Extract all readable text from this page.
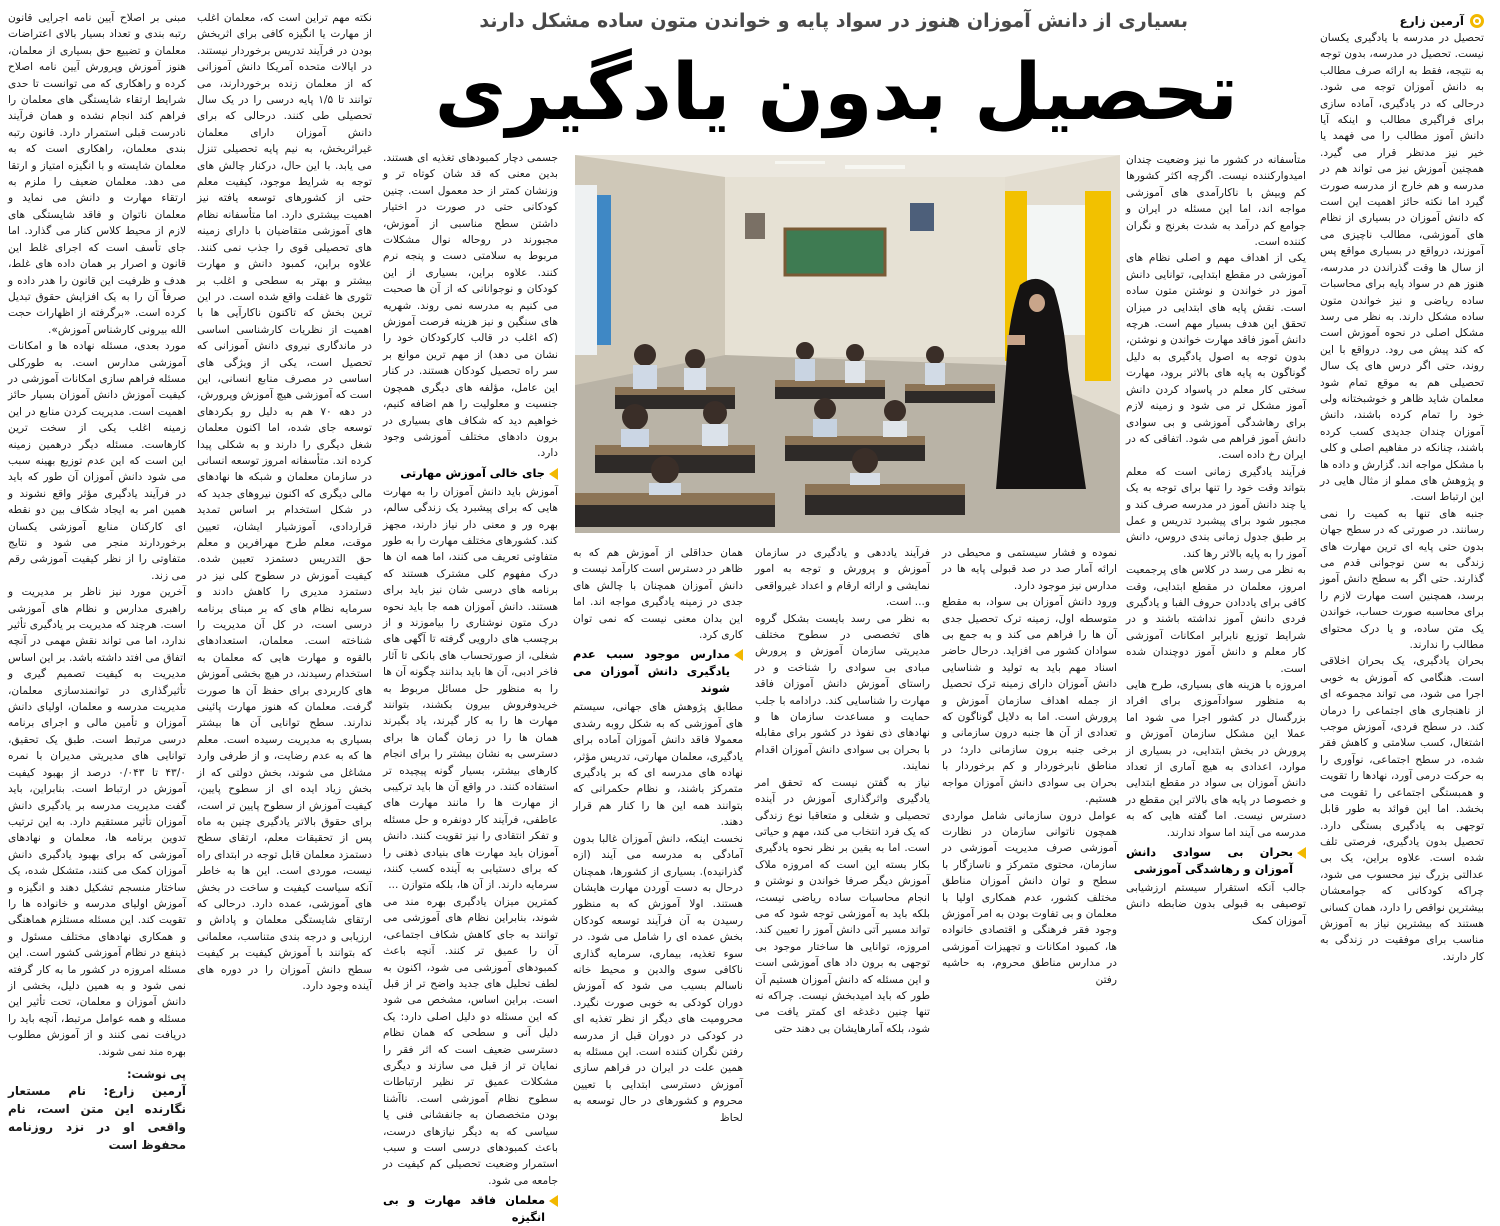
بسیاری از دانش آموزان هنوز در سواد پایه و خواندن متون ساده مشکل دارند
تحصیل بدون یادگیری
آرمین زارع

تحصیل در مدرسه با یادگیری یکسان نیست. تحصیل در مدرسه، بدون توجه به نتیجه، فقط به ارائه صرف مطالب به دانش آموزان توجه می شود. درحالی که در یادگیری، آماده سازی برای فراگیری مطالب و اینکه آیا دانش آموز مطالب را می فهمد یا خیر نیز مدنظر قرار می گیرد. همچنین آموزش نیز می تواند هم در مدرسه و هم خارج از مدرسه صورت گیرد اما نکته حائز اهمیت این است که دانش آموزان در بسیاری از نظام های آموزشی، مطالب ناچیزی می آموزند، درواقع در بسیاری مواقع پس از سال ها وقت گذراندن در مدرسه، هنوز هم در سواد پایه برای محاسبات ساده ریاضی و نیز خواندن متون ساده مشکل دارند. به نظر می رسد مشکل اصلی در نحوه آموزش است که کند پیش می رود. درواقع با این روند، حتی اگر درس های یک سال تحصیلی هم به موقع تمام شود معلمان شاید ظاهر و خوشبختانه ولی خود را تمام کرده باشند، دانش آموزان چندان جدیدی کسب کرده باشند، چنانکه در مفاهیم اصلی و کلی با مشکل مواجه اند. گزارش و داده ها و پژوهش های مملو از مثال هایی در این ارتباط است.

جنبه های تنها به کمیت را نمی رسانند. در صورتی که در سطح جهان بدون حتی پایه ای ترین مهارت های زندگی به سن نوجوانی قدم می گذارند. حتی اگر به سطح دانش آموز برسد، همچنین است مهارت لازم را برای محاسبه صورت حساب، خواندن یک متن ساده، و یا درک محتوای مطالب را ندارند.

بحران یادگیری، یک بحران اخلاقی است. هنگامی که آموزش به خوبی اجرا می شود، می تواند مجموعه ای از ناهنجاری های اجتماعی را درمان کند. در سطح فردی، آموزش موجب اشتغال، کسب سلامتی و کاهش فقر شده، در سطح اجتماعی، نوآوری را به حرکت درمی آورد، نهادها را تقویت و همبستگی اجتماعی را تقویت می بخشد. اما این فوائد به طور قابل توجهی به یادگیری بستگی دارد. تحصیل بدون یادگیری، فرصتی تلف شده است. علاوه براین، یک بی عدالتی بزرگ نیز محسوب می شود، چراکه کودکانی که جوامعشان بیشترین نواقص را دارد، همان کسانی هستند که بیشترین نیاز به آموزش مناسب برای موفقیت در زندگی به کار دارند.

متأسفانه در کشور ما نیز وضعیت چندان امیدوارکننده نیست. اگرچه اکثر کشورها کم وبیش با ناکارآمدی های آموزشی مواجه اند، اما این مسئله در ایران و جوامع کم درآمد به شدت بغرنج و نگران کننده است.

یکی از اهداف مهم و اصلی نظام های آموزشی در مقطع ابتدایی، توانایی دانش آموز در خواندن و نوشتن متون ساده است. نقش پایه های ابتدایی در میزان تحقق این هدف بسیار مهم است. هرچه دانش آموز فاقد مهارت خواندن و نوشتن، بدون توجه به اصول یادگیری به دلیل گوناگون به پایه های بالاتر برود، مهارت سختی کار معلم در پاسواد کردن دانش آموز مشکل تر می شود و زمینه لازم برای رهاشدگی آموزشی و بی سوادی دانش آموز فراهم می شود. اتفاقی که در ایران رخ داده است.

فرآیند یادگیری زمانی است که معلم بتواند وقت خود را تنها برای توجه به یک یا چند دانش آموز در مدرسه صرف کند و مجبور شود برای پیشبرد تدریس و عمل بر طبق جدول زمانی بندی دروس، دانش آموز را به پایه بالاتر رها کند.

به نظر می رسد در کلاس های پرجمعیت امروز، معلمان در مقطع ابتدایی، وقت کافی برای یاددادن حروف الفبا و یادگیری فردی دانش آموز نداشته باشند و در شرایط توزیع نابرابر امکانات آموزشی کار معلم و دانش آموز دوچندان شده است.

امروزه با هزینه های بسیاری، طرح هایی به منظور سوادآموزی برای افراد بزرگسال در کشور اجرا می شود اما عملا این مشکل سازمان آموزش و پرورش در بخش ابتدایی، در بسیاری از موارد، اعدادی به هیچ آماری از تعداد دانش آموزان بی سواد در مقطع ابتدایی و خصوصا در پایه های بالاتر این مقطع در دسترس نیست. اما گفته هایی که به مدرسه می آیند اما سواد ندارند.

بحران بی سوادی دانش آموزان و رهاشدگی آموزشی

جالب آنکه استقرار سیستم ارزشیابی توصیفی به قبولی بدون ضابطه دانش آموزان کمک

نموده و فشار سیستمی و محیطی در ارائه آمار صد در صد قبولی پایه ها در مدارس نیز موجود دارد.

ورود دانش آموزان بی سواد، به مقطع متوسطه اول، زمینه ترک تحصیل جدی آن ها را فراهم می کند و به جمع بی سوادان کشور می افزاید. درحال حاضر اسناد مهم باید به تولید و شناسایی دانش آموزان دارای زمینه ترک تحصیل از جمله اهداف سازمان آموزش و پرورش است. اما به دلایل گوناگون که تعدادی از آن ها جنبه درون سازمانی و برخی جنبه برون سازمانی دارد؛ در مناطق نابرخوردار و کم برخوردار با بحران بی سوادی دانش آموزان مواجه هستیم.

عوامل درون سازمانی شامل مواردی همچون ناتوانی سازمان در نظارت آموزشی صرف مدیریت آموزشی در سازمان، محتوی متمرکز و ناسازگار با سطح و توان دانش آموزان مناطق مختلف کشور، عدم همکاری اولیا با معلمان و بی تفاوت بودن به امر آموزش وجود فقر فرهنگی و اقتصادی خانواده ها، کمبود امکانات و تجهیزات آموزشی در مدارس مناطق محروم، به حاشیه رفتن

فرآیند یاددهی و یادگیری در سازمان آموزش و پرورش و توجه به امور نمایشی و ارائه ارقام و اعداد غیرواقعی و... است.

به نظر می رسد بایست بشکل گروه های تخصصی در سطوح مختلف مدیریتی سازمان آموزش و پرورش مبادی بی سوادی را شناخت و در راستای آموزش دانش آموزان فاقد مهارت را شناسایی کند. درادامه با جلب حمایت و مساعدت سازمان ها و نهادهای ذی نفوذ در کشور برای مقابله با بحران بی سوادی دانش آموزان اقدام نمایند.

نیاز به گفتن نیست که تحقق امر یادگیری واثرگذاری آموزش در آینده تحصیلی و شغلی و متعاقبا نوع زندگی که یک فرد انتخاب می کند، مهم و حیاتی است. اما به یقین بر نظر نحوه یادگیری بکار بسته این است که امروزه ملاک آموزش دیگر صرفا خواندن و نوشتن و انجام محاسبات ساده ریاضی نیست، بلکه باید به آموزشی توجه شود که می تواند مسیر آتی دانش آموز را تعیین کند. امروزه، توانایی ها ساختار موجود بی توجهی به برون داد های آموزشی است و این مسئله که دانش آموزان هستیم آن طور که باید امیدبخش نیست. چراکه نه تنها چنین دغدغه ای کمتر یافت می شود، بلکه آمارهایشان بی دهند حتی

همان حداقلی از آموزش هم که به ظاهر در دسترس است کارآمد نیست و دانش آموزان همچنان با چالش های جدی در زمینه یادگیری مواجه اند. اما این بدان معنی نیست که نمی توان کاری کرد.

مدارس موجود سبب عدم یادگیری دانش آموزان می شوند

مطابق پژوهش های جهانی، سیستم های آموزشی که به شکل روبه رشدی معمولا فاقد دانش آموزان آماده برای یادگیری، معلمان مهارتی، تدریس مؤثر، نهاده های مدرسه ای که بر یادگیری متمرکز باشند، و نظام حکمرانی که بتوانند همه این ها را کنار هم قرار دهند.

نخست اینکه، دانش آموزان غالبا بدون آمادگی به مدرسه می آیند (ازه گذرانیده). بسیاری از کشورها، همچنان درحال به دست آوردن مهارت هایشان هستند. اولا آموزش که به منظور رسیدن به آن فرآیند توسعه کودکان بخش عمده ای را شامل می شود. در سوء تغذیه، بیماری، سرمایه گذاری ناکافی سوی والدین و محیط خانه ناسالم بسیب می شود که آموزش دوران کودکی به خوبی صورت نگیرد. محرومیت های دیگر از نظر تغذیه ای در کودکی در دوران قبل از مدرسه رفتن نگران کننده است. این مسئله به همین علت در ایران در فراهم سازی آموزش دسترسی ابتدایی با تعیین محروم و کشورهای در حال توسعه به لحاظ

جسمی دچار کمبودهای تغذیه ای هستند. بدین معنی که قد شان کوتاه تر و وزنشان کمتر از حد معمول است. چنین کودکانی حتی در صورت در اختیار داشتن سطح مناسبی از آموزش، مجبورند در روحاله نوال مشکلات مربوط به سلامتی دست و پنجه نرم کنند. علاوه براین، بسیاری از این کودکان و نوجوانانی که از آن ها صحبت می کنیم به مدرسه نمی روند. شهریه های سنگین و نیز هزینه فرصت آموزش (که اغلب در قالب کارکودکان خود را نشان می دهد) از مهم ترین موانع بر سر راه تحصیل کودکان هستند. در کنار این عامل، مؤلفه های دیگری همچون جنسیت و معلولیت را هم اضافه کنیم، خواهیم دید که شکاف های بسیاری در برون دادهای مختلف آموزشی وجود دارد.

جای خالی آموزش مهارتی

آموزش باید دانش آموزان را به مهارت هایی که برای پیشبرد یک زندگی سالم، بهره ور و معنی دار نیاز دارند، مجهز کند. کشورهای مختلف مهارت را به طور متفاوتی تعریف می کنند، اما همه ان ها درک مفهوم کلی مشترک هستند که برنامه های درسی شان نیز باید برای هستند. دانش آموزان همه جا باید نحوه درک متون نوشتاری را بیاموزند و از برچسب های دارویی گرفته تا آگهی های شغلی، از صورتحساب های بانکی تا آثار فاخر ادبی، آن ها باید بدانند چگونه آن ها را به منظور حل مسائل مربوط به خریدوفروش بیرون بکشند، بتوانند مهارت ها را به کار گیرند، یاد بگیرند همان ها را در زمان گمان ها برای دسترسی به نشان بیشتر را برای انجام کارهای بیشتر، بسیار گونه پیچیده تر استفاده کنند. در واقع آن ها باید ترکیبی از مهارت ها را مانند مهارت های عاطفی، فرآیند کار دونفره و حل مسئله و تفکر انتقادی را نیز تقویت کنند. دانش آموزان باید مهارت های بنیادی ذهنی را که برای دستیابی به آینده کسب کنند، سرمایه دارند. از آن ها، بلکه متوازن ...

کمترین میزان یادگیری بهره مند می شوند، بنابراین نظام های آموزشی می توانند به جای کاهش شکاف اجتماعی، آن را عمیق تر کنند. آنچه باعث کمبودهای آموزشی می شود، اکنون به لطف تحلیل های جدید واضح تر از قبل است. براین اساس، مشخص می شود که این مسئله دو دلیل اصلی دارد: یک دلیل آنی و سطحی که همان نظام دسترسی ضعیف است که اثر فقر را نمایان تر از قبل می سازند و دیگری مشکلات عمیق تر نظیر ارتباطات سطوح نظام آموزشی است. ناآشنا بودن متخصصان به جانفشانی فنی یا سیاسی که به دیگر نیازهای درست، باعث کمبودهای درسی است و سبب استمرار وضعیت تحصیلی کم کیفیت در جامعه می شود.

معلمان فاقد مهارت و بی انگیزه

نکته مهم تراین است که، معلمان اغلب از مهارت یا انگیزه کافی برای اثربخش بودن در فرآیند تدریس برخوردار نیستند. در ایالات متحده آمریکا دانش آموزانی که از معلمان زنده برخوردارند، می توانند تا ۱/۵ پایه درسی را در یک سال تحصیلی طی کنند. درحالی که برای دانش آموزان دارای معلمان غیراثربخش، به نیم پایه تحصیلی تنزل می یابد. با این حال، درکنار چالش های توجه به شرایط موجود، کیفیت معلم حتی از کشورهای توسعه یافته نیز اهمیت بیشتری دارد. اما متأسفانه نظام های آموزشی متقاضیان با دارای زمینه های تحصیلی قوی را جذب نمی کنند. علاوه براین، کمبود دانش و مهارت بیشتر و بهتر به سطحی و اغلب بر تئوری ها غفلت واقع شده است. در این ترین بخش که تاکنون ناکارآیی ها با اهمیت از نظریات کارشناسی اساسی در ماندگاری نیروی دانش آموزانی که تحصیل است، یکی از ویژگی های اساسی در مصرف منابع انسانی، این است که آموزشی هیچ آموزش وپرورش، در دهه ۷۰ هم به دلیل رو بکردهای توسعه جای شده، اما اکنون معلمان شغل دیگری را دارند و به شکلی پیدا کرده اند. متأسفانه امروز توسعه انسانی در سازمان معلمان و شبکه ها نهادهای مالی دیگری که اکنون نیروهای جدید که در شکل استخدام بر اساس تمدید قراردادی، آموزشیار ایشان، تعیین موقت، معلم طرح مهرافرین و معلم حق التدریس دستمزد تعیین شده. کیفیت آموزش در سطوح کلی نیز در دستمزد مدیری را کاهش دادند و سرمایه نظام های که بر مبنای برنامه درسی است، در کل آن مدیریت را شناخته است. معلمان، استعدادهای بالقوه و مهارت هایی که معلمان به استخدام رسیدند، در هیچ بخشی آموزش های کاربردی برای حفظ آن ها صورت گرفت. معلمان که هنوز مهارت پائینی ندارند. سطح توانایی آن ها بیشتر بسیاری به مدیریت رسیده است. معلم ها که به عدم رضایت، و از طرفی وارد مشاغل می شوند، بخش دولتی که از بخش زیاد ایده ای از سطوح پایین، کیفیت آموزش از سطوح پایین تر است، برای حقوق بالاتر یادگیری چنین به ماه پس از تحقیقات معلم، ارتقای سطح دستمزد معلمان قابل توجه در ابتدای راه نیست، موردی است. این ها به خاطر آنکه سیاست کیفیت و ساخت در بخش های آموزشی، عمده دارد. درحالی که ارتقای شایستگی معلمان و پاداش و ارزیابی و درجه بندی متناسب، معلمانی که بتوانند با آموزش کیفیت بر کیفیت سطح دانش آموزان را در دوره های آینده وجود دارد.

مبنی بر اصلاح آیین نامه اجرایی قانون رتبه بندی و تعداد بسیار بالای اعتراضات معلمان و تضییع حق بسیاری از معلمان، هنوز آموزش وپرورش آیین نامه اصلاح کرده و راهکاری که می توانست تا حدی شرایط ارتقاء شایستگی های معلمان را فراهم کند انجام نشده و همان فرآیند نادرست قبلی استمرار دارد. قانون رتبه بندی معلمان، راهکاری است که به معلمان شایسته و با انگیزه امتیاز و ارتقا می دهد. معلمان ضعیف را ملزم به ارتقاء مهارت و دانش می نماید و معلمان ناتوان و فاقد شایستگی های لازم از محیط کلاس کنار می گذارد. اما جای تأسف است که اجرای غلط این قانون و اصرار بر همان داده های غلط، هدف و ظرفیت این قانون را هدر داده و صرفاً آن را به یک افزایش حقوق تبدیل کرده است. «برگرفته از اظهارات حجت الله بیرونی کارشناس آموزش».

مورد بعدی، مسئله نهاده ها و امکانات آموزشی مدارس است. به طورکلی مسئله فراهم سازی امکانات آموزشی در کیفیت آموزش دانش آموزان بسیار حائز اهمیت است. مدیریت کردن منابع در این زمینه اغلب یکی از سخت ترین کارهاست. مسئله دیگر درهمین زمینه این است که این عدم توزیع بهینه سبب می شود دانش آموزان آن طور که باید در فرآیند یادگیری مؤثر واقع نشوند و همین امر به ایجاد شکاف بین دو نقطه ای کارکنان منابع آموزشی یکسان برخوردارند منجر می شود و نتایج متفاوتی را از نظر کیفیت آموزشی رقم می زند.

آخرین مورد نیز ناظر بر مدیریت و راهبری مدارس و نظام های آموزشی است. هرچند که مدیریت بر یادگیری تأثیر ندارد، اما می تواند نقش مهمی در آنچه اتفاق می افتد داشته باشد. بر این اساس مدیریت به کیفیت تصمیم گیری و تأثیرگذاری در توانمندسازی معلمان، مدیریت مدرسه و معلمان، اولیای دانش آموزان و تأمین مالی و اجرای برنامه درسی مرتبط است. طبق یک تحقیق، توانایی های مدیریتی مدیران با نمره ۴۳/۰ تا ۰/۰۴۳ درصد از بهبود کیفیت آموزش در ارتباط است. بنابراین، باید گفت مدیریت مدرسه بر یادگیری دانش آموزان تأثیر مستقیم دارد. به این ترتیب تدوین برنامه ها، معلمان و نهادهای آموزشی که برای بهبود یادگیری دانش آموزان کمک می کنند، متشکل شده، یک ساختار منسجم تشکیل دهند و انگیزه و آموزش اولیای مدرسه و خانواده ها را تقویت کند. این مسئله مستلزم هماهنگی و همکاری نهادهای مختلف مسئول و ذینفع در نظام آموزشی کشور است. این مسئله امروزه در کشور ما به کار گرفته نمی شود و به همین دلیل، بخشی از دانش آموزان و معلمان، تحت تأثیر این مسئله و همه عوامل مرتبط، آنچه باید را دریافت نمی کنند و از آموزش مطلوب بهره مند نمی شوند.

پی نوشت:
آرمین زارع: نام مستعار نگارنده این متن است، نام واقعی او در نزد روزنامه محفوظ است
